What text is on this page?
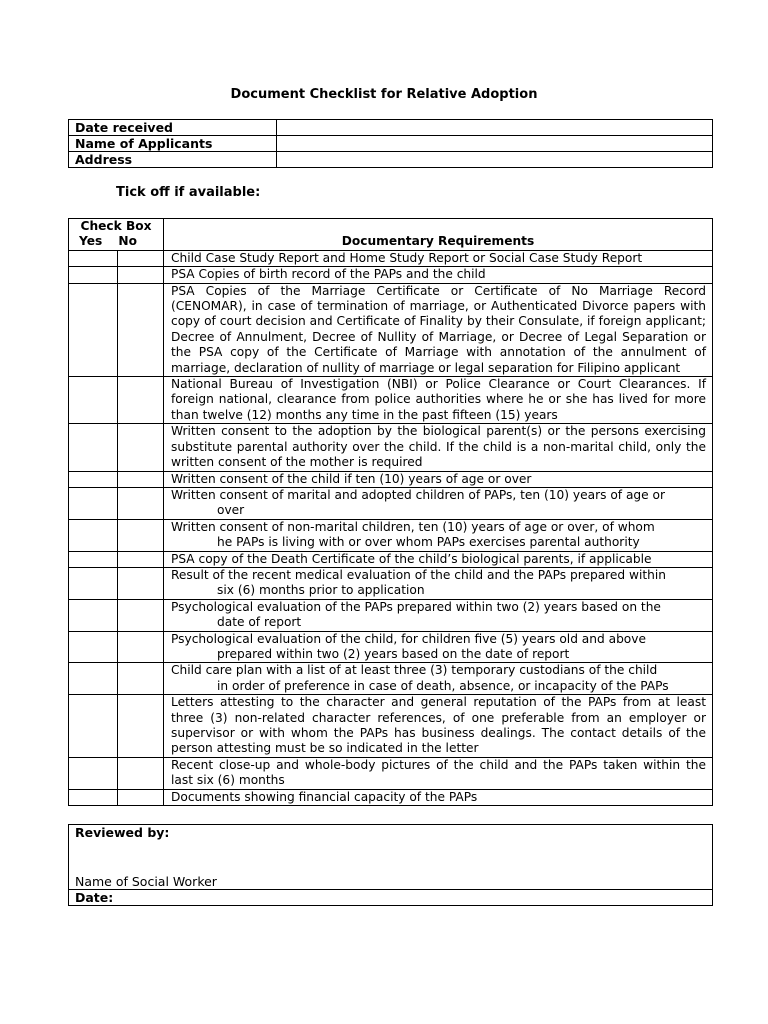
Document Checklist for Relative Adoption
Date received	
Name of Applicants	
Address	
Tick off if available:
Check Box
Yes No		Documentary Requirements

		Child Case Study Report and Home Study Report or Social Case Study Report

		PSA Copies of birth record of the PAPs and the child

		PSA Copies of the Marriage Certificate or Certificate of No Marriage Record (CENOMAR), in case of termination of marriage, or Authenticated Divorce papers with copy of court decision and Certificate of Finality by their Consulate, if foreign applicant; Decree of Annulment, Decree of Nullity of Marriage, or Decree of Legal Separation or the PSA copy of the Certificate of Marriage with annotation of the annulment of marriage, declaration of nullity of marriage or legal separation for Filipino applicant

		National Bureau of Investigation (NBI) or Police Clearance or Court Clearances. If foreign national, clearance from police authorities where he or she has lived for more than twelve (12) months any time in the past fifteen (15) years

		Written consent to the adoption by the biological parent(s) or the persons exercising substitute parental authority over the child. If the child is a non-marital child, only the written consent of the mother is required

		Written consent of the child if ten (10) years of age or over

		Written consent of marital and adopted children of PAPs, ten (10) years of age or
over

		Written consent of non-marital children, ten (10) years of age or over, of whom
he PAPs is living with or over whom PAPs exercises parental authority

		PSA copy of the Death Certificate of the child’s biological parents, if applicable

		Result of the recent medical evaluation of the child and the PAPs prepared within
six (6) months prior to application

		Psychological evaluation of the PAPs prepared within two (2) years based on the
date of report

		Psychological evaluation of the child, for children five (5) years old and above
prepared within two (2) years based on the date of report

		Child care plan with a list of at least three (3) temporary custodians of the child
in order of preference in case of death, absence, or incapacity of the PAPs

		Letters attesting to the character and general reputation of the PAPs from at least three (3) non-related character references, of one preferable from an employer or supervisor or with whom the PAPs has business dealings. The contact details of the person attesting must be so indicated in the letter

		Recent close-up and whole-body pictures of the child and the PAPs taken within the last six (6) months

		Documents showing financial capacity of the PAPs
Reviewed by:
Name of Social Worker

Date:
